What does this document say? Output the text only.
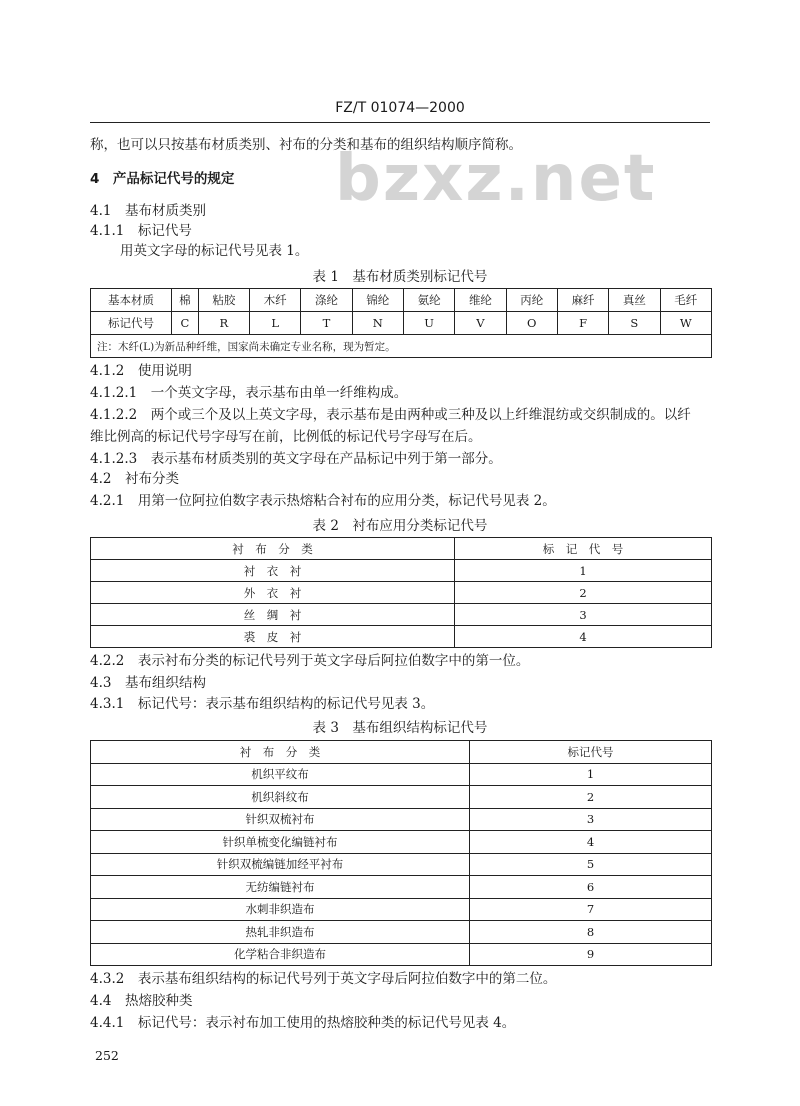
bzxz.net
FZ/T 01074—2000
称，也可以只按基布材质类别、衬布的分类和基布的组织结构顺序简称。
4　产品标记代号的规定
4.1　基布材质类别
4.1.1　标记代号
用英文字母的标记代号见表 1。
表 1　基布材质类别标记代号
基本材质	棉	粘胶	木纤	涤纶	锦纶	氨纶	维纶	丙纶	麻纤	真丝	毛纤
标记代号	C	R	L	T	N	U	V	O	F	S	W
注：木纤(L)为新品种纤维，国家尚未确定专业名称，现为暂定。											
4.1.2　使用说明
4.1.2.1　一个英文字母，表示基布由单一纤维构成。
4.1.2.2　两个或三个及以上英文字母，表示基布是由两种或三种及以上纤维混纺或交织制成的。以纤
维比例高的标记代号字母写在前，比例低的标记代号字母写在后。
4.1.2.3　表示基布材质类别的英文字母在产品标记中列于第一部分。
4.2　衬布分类
4.2.1　用第一位阿拉伯数字表示热熔粘合衬布的应用分类，标记代号见表 2。
表 2　衬布应用分类标记代号
衬　布　分　类	标　记　代　号
衬　衣　衬	1
外　衣　衬	2
丝　绸　衬	3
裘　皮　衬	4
4.2.2　表示衬布分类的标记代号列于英文字母后阿拉伯数字中的第一位。
4.3　基布组织结构
4.3.1　标记代号：表示基布组织结构的标记代号见表 3。
表 3　基布组织结构标记代号
衬　布　分　类	标记代号
机织平纹布	1
机织斜纹布	2
针织双梳衬布	3
针织单梳变化编链衬布	4
针织双梳编链加经平衬布	5
无纺编链衬布	6
水刺非织造布	7
热轧非织造布	8
化学粘合非织造布	9
4.3.2　表示基布组织结构的标记代号列于英文字母后阿拉伯数字中的第二位。
4.4　热熔胶种类
4.4.1　标记代号：表示衬布加工使用的热熔胶种类的标记代号见表 4。
252
